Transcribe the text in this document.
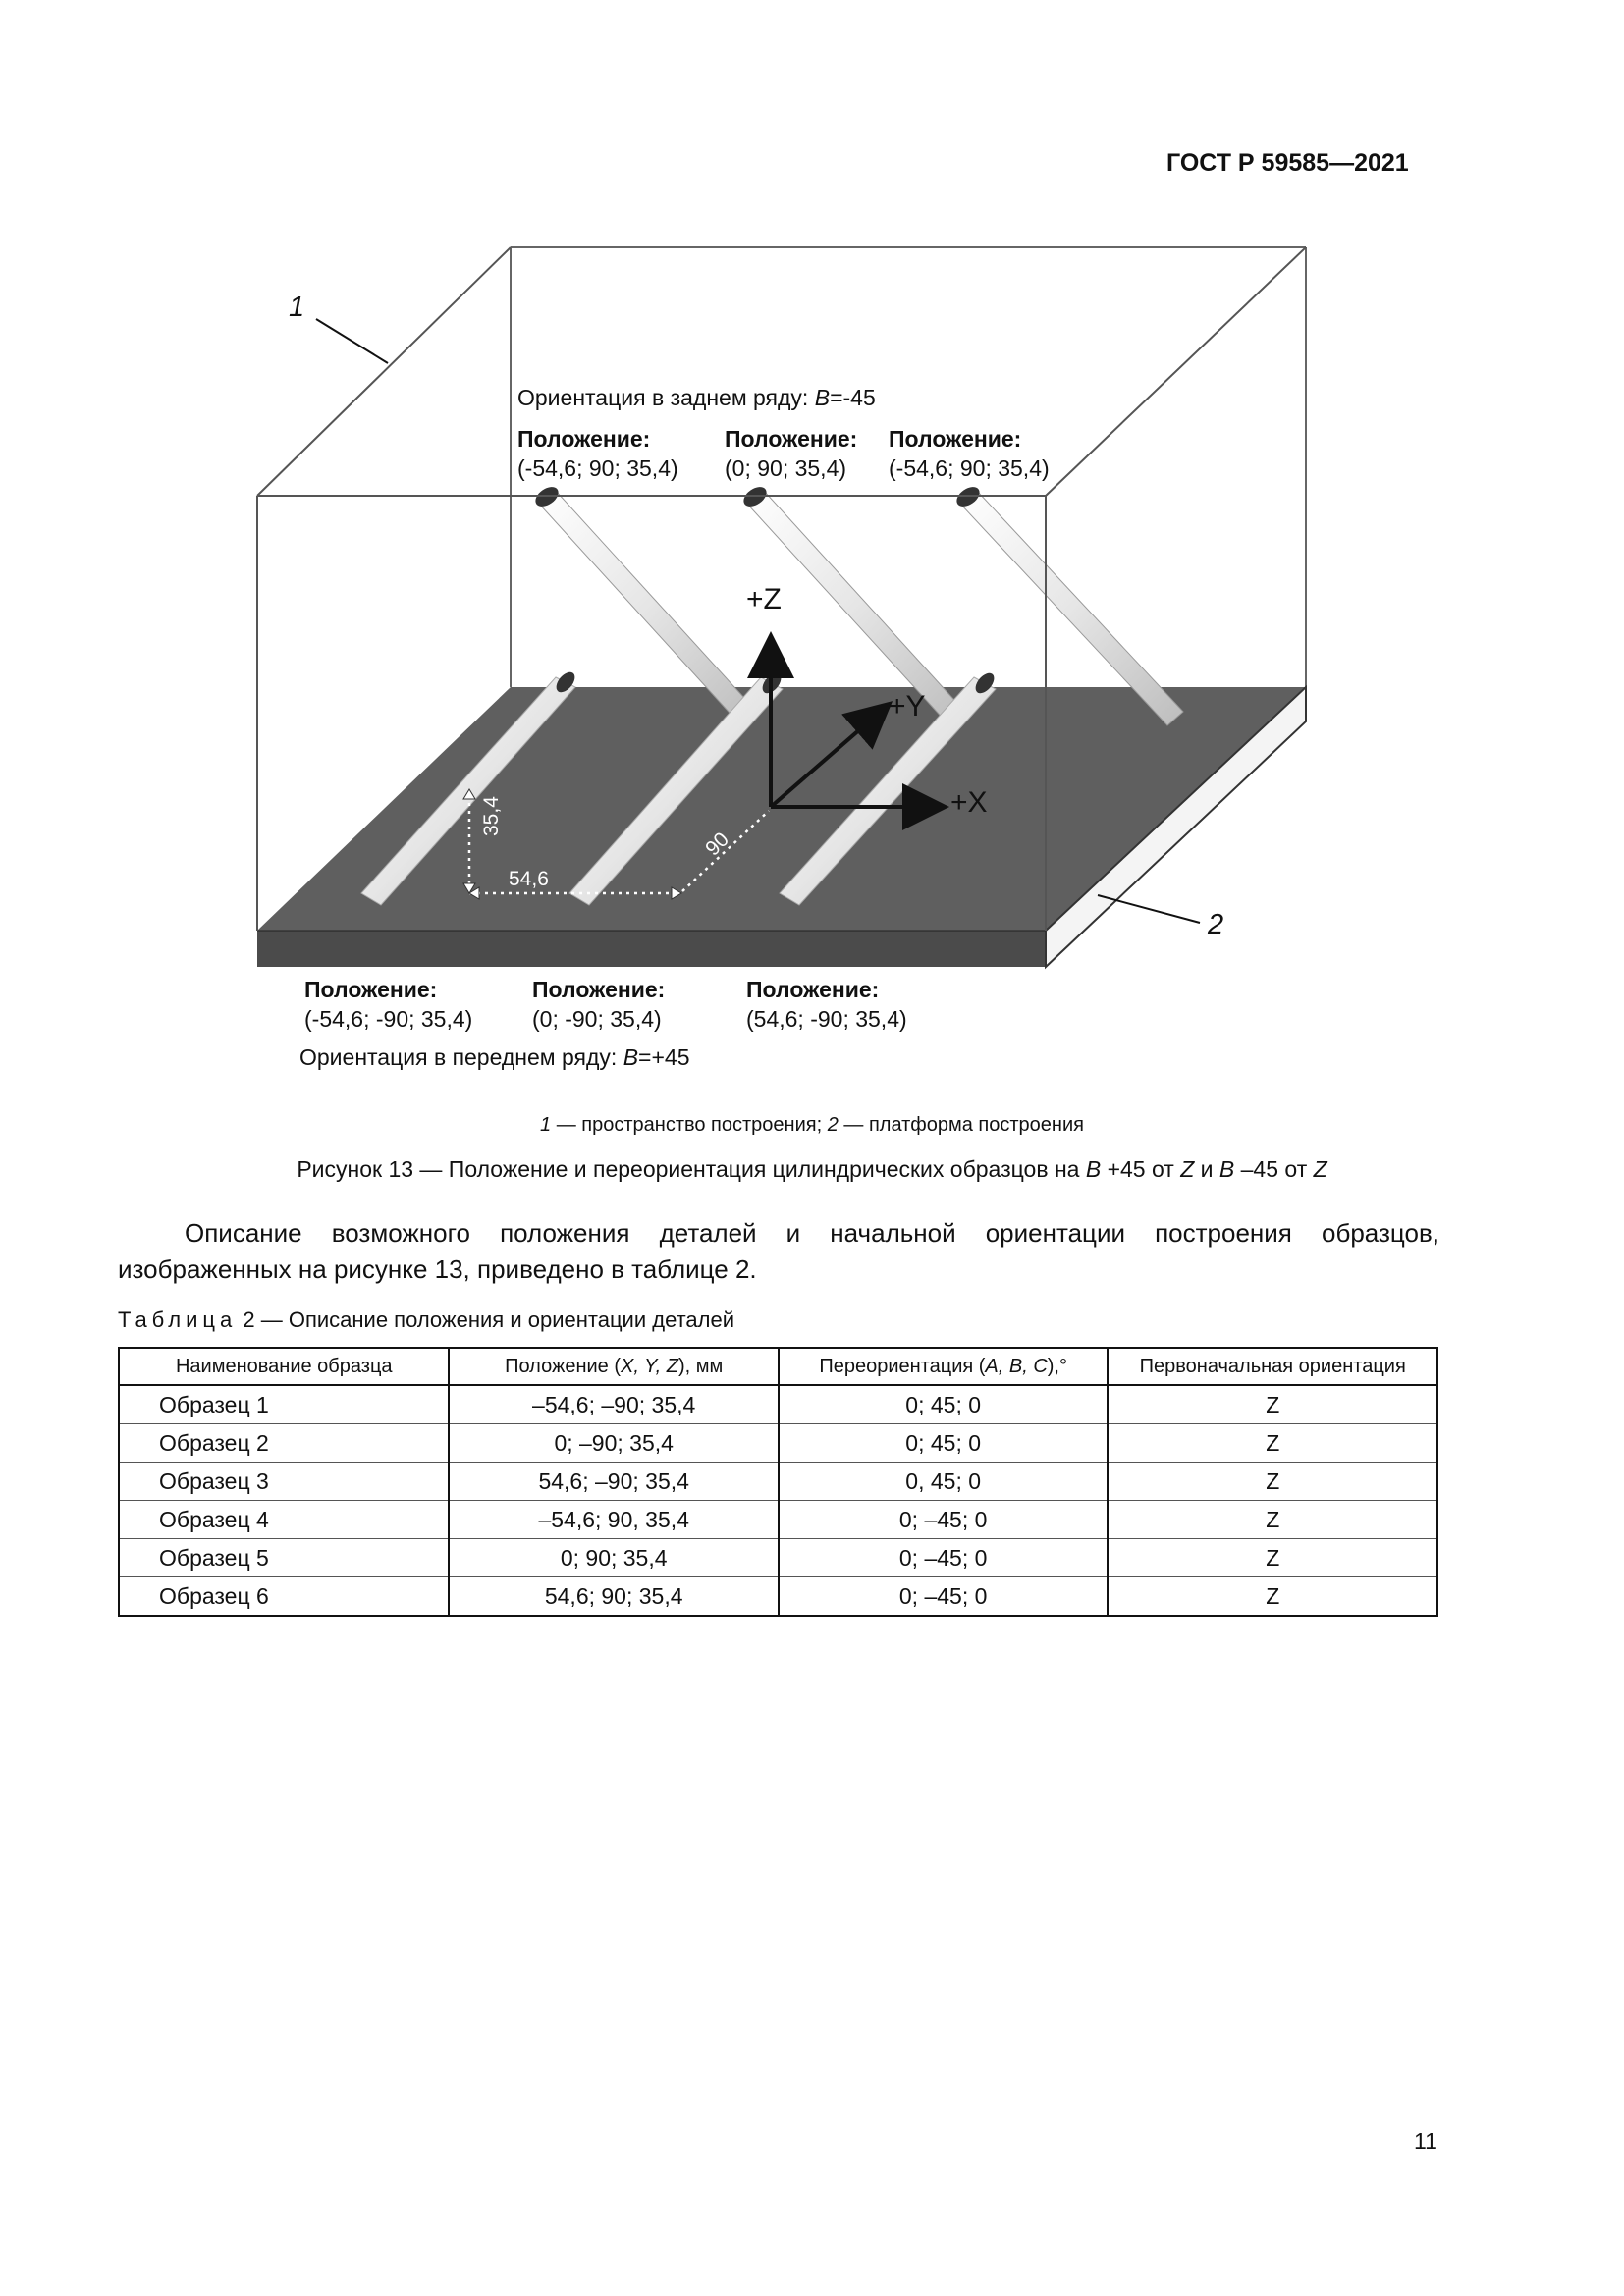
ГОСТ Р 59585—2021
1
2
Ориентация в заднем ряду: B=-45
Положение:
(-54,6; 90; 35,4)
Положение:
(0; 90; 35,4)
Положение:
(-54,6; 90; 35,4)
Положение:
(-54,6; -90; 35,4)
Положение:
(0; -90; 35,4)
Положение:
(54,6; -90; 35,4)
Ориентация в переднем ряду: B=+45
+Z
+Y
+X
35,4
54,6
90
1 — пространство построения; 2 — платформа построения
Рисунок 13 — Положение и переориентация цилиндрических образцов на B +45 от Z и B –45 от Z
Описание возможного положения деталей и начальной ориентации построения образцов, изображенных на рисунке 13, приведено в таблице 2.
Таблица 2 — Описание положения и ориентации деталей
Наименование образца	Положение (X, Y, Z), мм	Переориентация (A, B, C),°	Первоначальная ориентация
Образец 1	–54,6; –90; 35,4	0; 45; 0	Z
Образец 2	0; –90; 35,4	0; 45; 0	Z
Образец 3	54,6; –90; 35,4	0, 45; 0	Z
Образец 4	–54,6; 90, 35,4	0; –45; 0	Z
Образец 5	0; 90; 35,4	0; –45; 0	Z
Образец 6	54,6; 90; 35,4	0; –45; 0	Z
11
